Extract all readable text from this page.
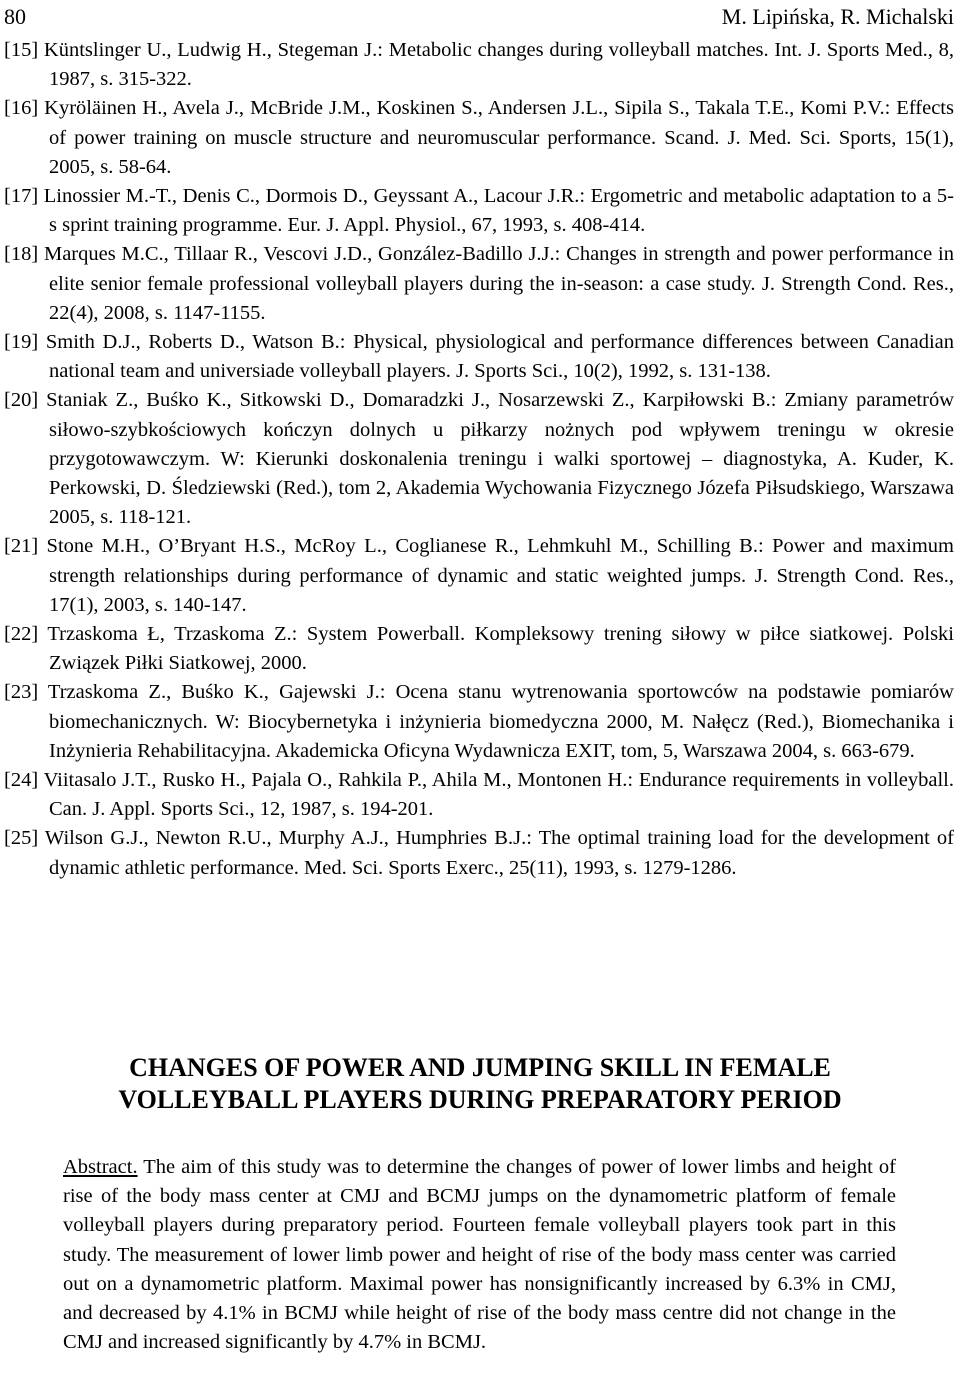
80	M. Lipińska, R. Michalski
[15] Küntslinger U., Ludwig H., Stegeman J.: Metabolic changes during volleyball matches. Int. J. Sports Med., 8, 1987, s. 315-322.
[16] Kyröläinen H., Avela J., McBride J.M., Koskinen S., Andersen J.L., Sipila S., Takala T.E., Komi P.V.: Effects of power training on muscle structure and neuromuscular performance. Scand. J. Med. Sci. Sports, 15(1), 2005, s. 58-64.
[17] Linossier M.-T., Denis C., Dormois D., Geyssant A., Lacour J.R.: Ergometric and metabolic adaptation to a 5-s sprint training programme. Eur. J. Appl. Physiol., 67, 1993, s. 408-414.
[18] Marques M.C., Tillaar R., Vescovi J.D., González-Badillo J.J.: Changes in strength and power performance in elite senior female professional volleyball players during the in-season: a case study. J. Strength Cond. Res., 22(4), 2008, s. 1147-1155.
[19] Smith D.J., Roberts D., Watson B.: Physical, physiological and performance differences between Canadian national team and universiade volleyball players. J. Sports Sci., 10(2), 1992, s. 131-138.
[20] Staniak Z., Buśko K., Sitkowski D., Domaradzki J., Nosarzewski Z., Karpiłowski B.: Zmiany parametrów siłowo-szybkościowych kończyn dolnych u piłkarzy nożnych pod wpływem treningu w okresie przygotowawczym. W: Kierunki doskonalenia treningu i walki sportowej – diagnostyka, A. Kuder, K. Perkowski, D. Śledziewski (Red.), tom 2, Akademia Wychowania Fizycznego Józefa Piłsudskiego, Warszawa 2005, s. 118-121.
[21] Stone M.H., O’Bryant H.S., McRoy L., Coglianese R., Lehmkuhl M., Schilling B.: Power and maximum strength relationships during performance of dynamic and static weighted jumps. J. Strength Cond. Res., 17(1), 2003, s. 140-147.
[22] Trzaskoma Ł, Trzaskoma Z.: System Powerball. Kompleksowy trening siłowy w piłce siatkowej. Polski Związek Piłki Siatkowej, 2000.
[23] Trzaskoma Z., Buśko K., Gajewski J.: Ocena stanu wytrenowania sportowców na podstawie pomiarów biomechanicznych. W: Biocybernetyka i inżynieria biomedyczna 2000, M. Nałęcz (Red.), Biomechanika i Inżynieria Rehabilitacyjna. Akademicka Oficyna Wydawnicza EXIT, tom, 5, Warszawa 2004, s. 663-679.
[24] Viitasalo J.T., Rusko H., Pajala O., Rahkila P., Ahila M., Montonen H.: Endurance requirements in volleyball. Can. J. Appl. Sports Sci., 12, 1987, s. 194-201.
[25] Wilson G.J., Newton R.U., Murphy A.J., Humphries B.J.: The optimal training load for the development of dynamic athletic performance. Med. Sci. Sports Exerc., 25(11), 1993, s. 1279-1286.
CHANGES OF POWER AND JUMPING SKILL IN FEMALE
VOLLEYBALL PLAYERS DURING PREPARATORY PERIOD

Abstract. The aim of this study was to determine the changes of power of lower limbs and height of rise of the body mass center at CMJ and BCMJ jumps on the dynamometric platform of female volleyball players during preparatory period. Fourteen female volleyball players took part in this study. The measurement of lower limb power and height of rise of the body mass center was carried out on a dynamometric platform. Maximal power has nonsignificantly increased by 6.3% in CMJ, and decreased by 4.1% in BCMJ while height of rise of the body mass centre did not change in the CMJ and increased significantly by 4.7% in BCMJ.
